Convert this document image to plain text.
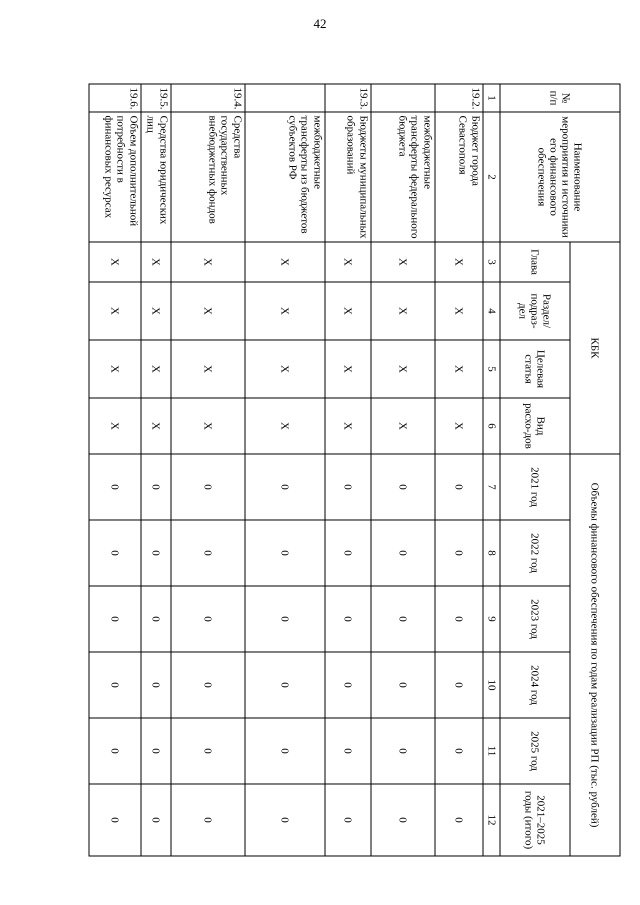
42
№
п/п	Наименование мероприятия и источники его финансового обеспечения	КБК				Объемы финансового обеспечения по годам реализации РП (тыс. рублей)					
		Глава	Раздел/подраз-дел	Целевая статья	Вид расхо-дов	2021 год	2022 год	2023 год	2024 год	2025 год	2021–2025 годы (итого)
1	2	3	4	5	6	7	8	9	10	11	12
19.2.	Бюджет города Севастополя	Х	Х	Х	Х	0	0	0	0	0	0
	межбюджетные трансферты федерального бюджета	Х	Х	Х	Х	0	0	0	0	0	0
19.3.	Бюджеты муниципальных образований	Х	Х	Х	Х	0	0	0	0	0	0
	межбюджетные трансферты из бюджетов субъектов РФ	Х	Х	Х	Х	0	0	0	0	0	0
19.4.	Средства государственных внебюджетных фондов	Х	Х	Х	Х	0	0	0	0	0	0
19.5.	Средства юридических лиц	Х	Х	Х	Х	0	0	0	0	0	0
19.6.	Объем дополнительной потребности в финансовых ресурсах	Х	Х	Х	Х	0	0	0	0	0	0
